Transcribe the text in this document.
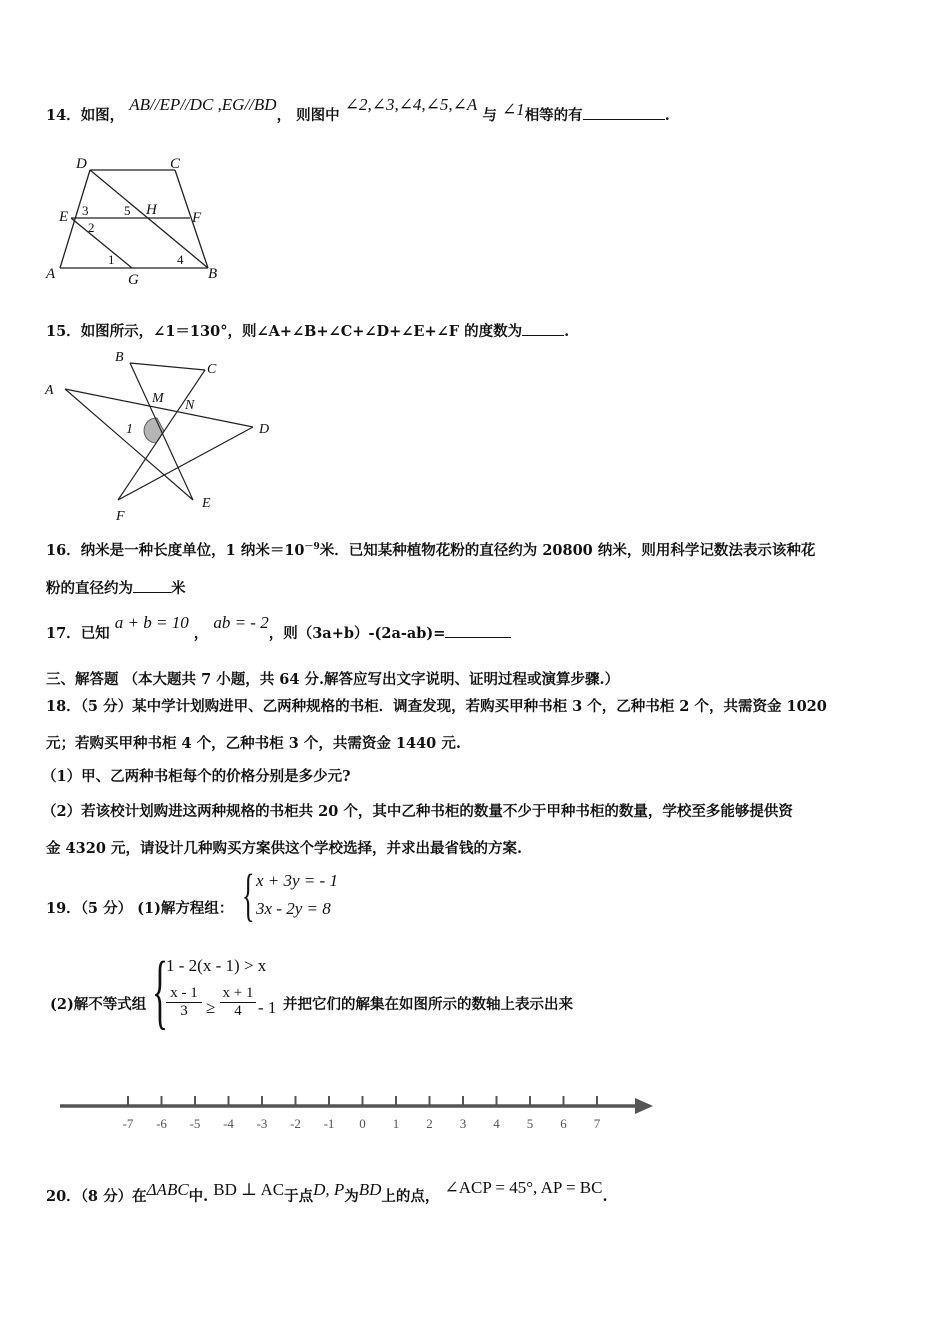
14．如图， AB//EP//DC ,EG//BD， 则图中 ∠2,∠3,∠4,∠5,∠A 与 ∠1相等的有	.
D	C
E 3	5 H F
2
A
1
G
4
B
15．如图所示，∠1＝130°，则∠A+∠B+∠C+∠D+∠E+∠F 的度数为	.
B
C
A
M N
1	D
F
E
16．纳米是一种长度单位，1 纳米$=10^{-9}$米．已知某种植物花粉的直径约为 20800 纳米，则用科学记数法表示该种花
粉的直径约为	米
17．已知 a + b = 10 ， ab = - 2，则（3a+b）-(2a-ab)=
三、解答题 （本大题共 7 小题，共 64 分.解答应写出文字说明、证明过程或演算步骤.）
18．（5 分）某中学计划购进甲、乙两种规格的书柜．调查发现，若购买甲种书柜 3 个，乙种书柜 2 个，共需资金 1020
元；若购买甲种书柜 4 个，乙种书柜 3 个，共需资金 1440 元.
（1）甲、乙两种书柜每个的价格分别是多少元?
（2）若该校计划购进这两种规格的书柜共 20 个，其中乙种书柜的数量不少于甲种书柜的数量，学校至多能够提供资
金 4320 元，请设计几种购买方案供这个学校选择，并求出最省钱的方案.
19．（5 分） (1)解方程组： { x + 3y = - 1
3x - 2y = 8
(2)解不等式组 {
1 - 2(x - 1) > x
$\frac{x - 1}{3} \ge \frac{x + 1}{4} - 1$ 并把它们的解集在如图所示的数轴上表示出来
-7 -6 -5 -4 -3 -2 -1 0 1 2 3 4 5 6 7
20．（8 分）在ΔABC中. BD ⊥ AC于点D, P为BD上的点， ∠ACP = 45°, AP = BC.
